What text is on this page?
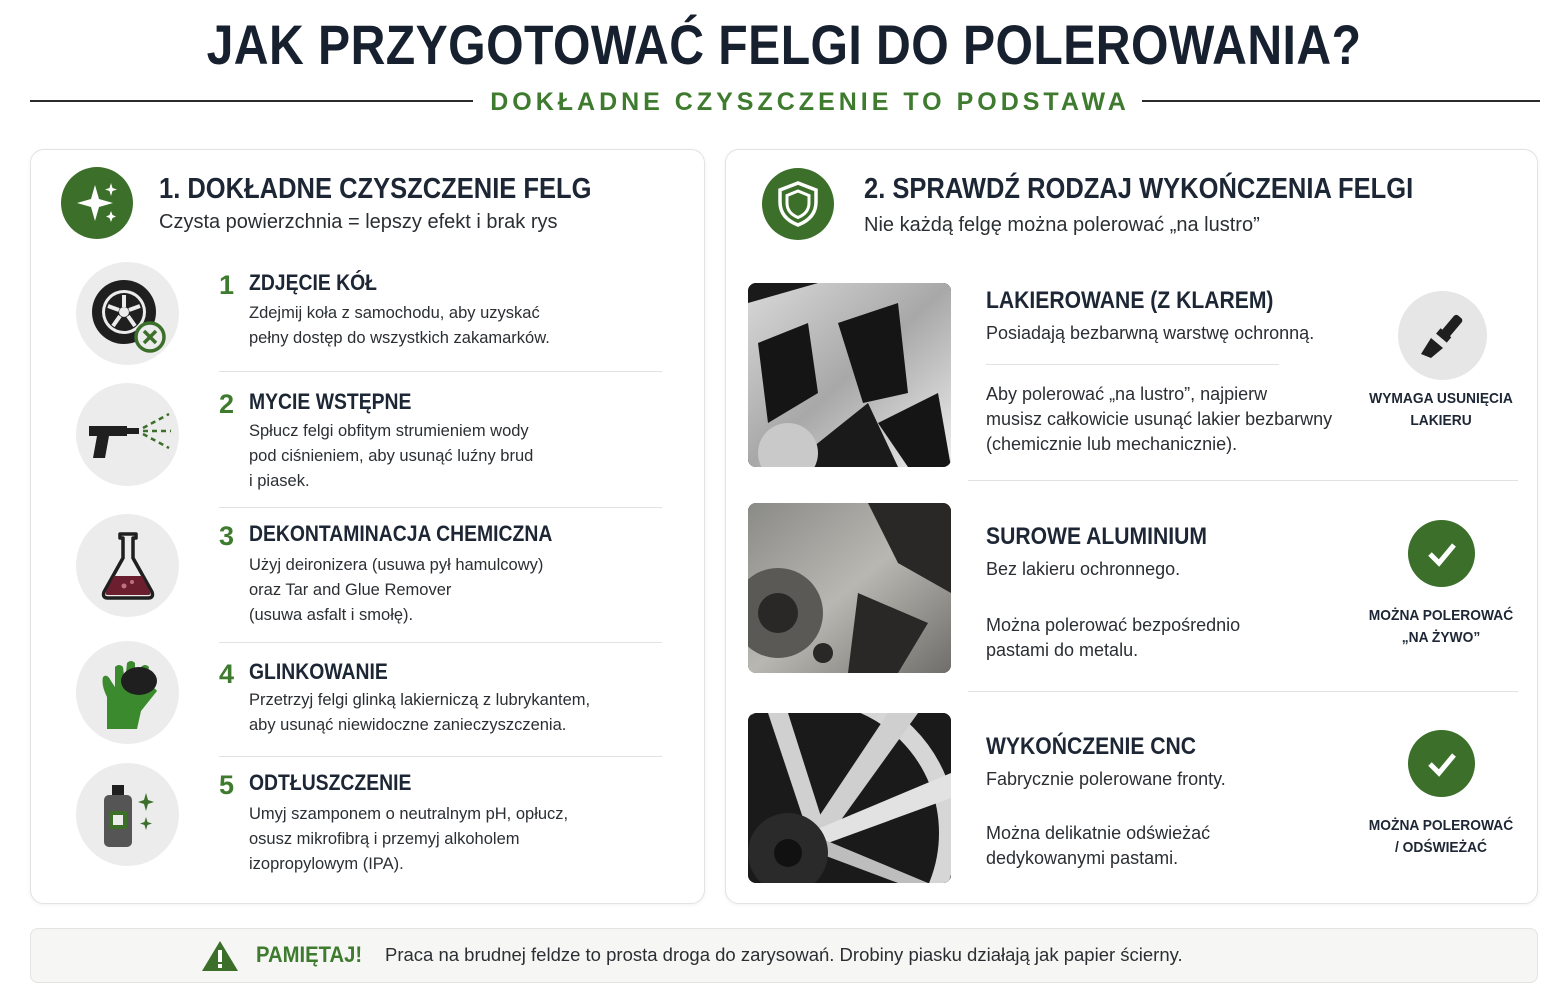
JAK PRZYGOTOWAĆ FELGI DO POLEROWANIA?
DOKŁADNE CZYSZCZENIE TO PODSTAWA
1. DOKŁADNE CZYSZCZENIE FELG
Czysta powierzchnia = lepszy efekt i brak rys
1 ZDJĘCIE KÓŁ
Zdejmij koła z samochodu, aby uzyskać
pełny dostęp do wszystkich zakamarków.
2 MYCIE WSTĘPNE
Spłucz felgi obfitym strumieniem wody
pod ciśnieniem, aby usunąć luźny brud
i piasek.
3 DEKONTAMINACJA CHEMICZNA
Użyj deironizera (usuwa pył hamulcowy)
oraz Tar and Glue Remover
(usuwa asfalt i smołę).
4 GLINKOWANIE
Przetrzyj felgi glinką lakierniczą z lubrykantem,
aby usunąć niewidoczne zanieczyszczenia.
5 ODTŁUSZCZENIE
Umyj szamponem o neutralnym pH, opłucz,
osusz mikrofibrą i przemyj alkoholem
izopropylowym (IPA).
2. SPRAWDŹ RODZAJ WYKOŃCZENIA FELGI
Nie każdą felgę można polerować „na lustro”
LAKIEROWANE (Z KLAREM)
Posiadają bezbarwną warstwę ochronną.
Aby polerować „na lustro”, najpierw
musisz całkowicie usunąć lakier bezbarwny
(chemicznie lub mechanicznie).
WYMAGA USUNIĘCIA
LAKIERU
SUROWE ALUMINIUM
Bez lakieru ochronnego.
Można polerować bezpośrednio
pastami do metalu.
MOŻNA POLEROWAĆ
„NA ŻYWO”
WYKOŃCZENIE CNC
Fabrycznie polerowane fronty.
Można delikatnie odświeżać
dedykowanymi pastami.
MOŻNA POLEROWAĆ
/ ODŚWIEŻAĆ
PAMIĘTAJ! Praca na brudnej feldze to prosta droga do zarysowań. Drobiny piasku działają jak papier ścierny.
